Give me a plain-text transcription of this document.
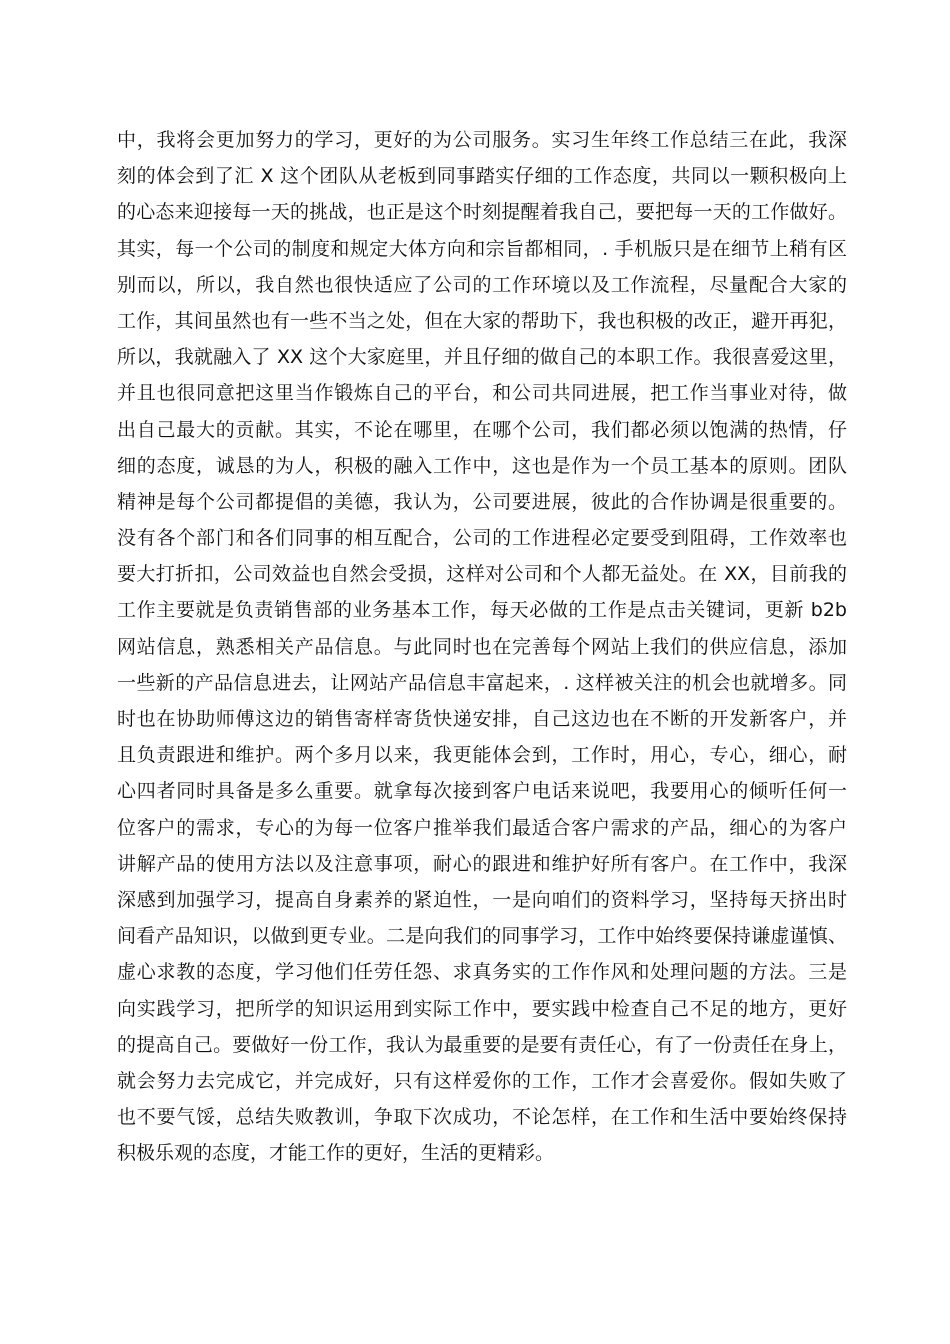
中，我将会更加努力的学习，更好的为公司服务。实习生年终工作总结三在此，我深
刻的体会到了汇 X 这个团队从老板到同事踏实仔细的工作态度，共同以一颗积极向上
的心态来迎接每一天的挑战，也正是这个时刻提醒着我自己，要把每一天的工作做好。
其实，每一个公司的制度和规定大体方向和宗旨都相同，. 手机版只是在细节上稍有区
别而以，所以，我自然也很快适应了公司的工作环境以及工作流程，尽量配合大家的
工作，其间虽然也有一些不当之处，但在大家的帮助下，我也积极的改正，避开再犯，
所以，我就融入了 XX 这个大家庭里，并且仔细的做自己的本职工作。我很喜爱这里，
并且也很同意把这里当作锻炼自己的平台，和公司共同进展，把工作当事业对待，做
出自己最大的贡献。其实，不论在哪里，在哪个公司，我们都必须以饱满的热情，仔
细的态度，诚恳的为人，积极的融入工作中，这也是作为一个员工基本的原则。团队
精神是每个公司都提倡的美德，我认为，公司要进展，彼此的合作协调是很重要的。
没有各个部门和各们同事的相互配合，公司的工作进程必定要受到阻碍，工作效率也
要大打折扣，公司效益也自然会受损，这样对公司和个人都无益处。在 XX，目前我的
工作主要就是负责销售部的业务基本工作，每天必做的工作是点击关键词，更新 b2b
网站信息，熟悉相关产品信息。与此同时也在完善每个网站上我们的供应信息，添加
一些新的产品信息进去，让网站产品信息丰富起来，. 这样被关注的机会也就增多。同
时也在协助师傅这边的销售寄样寄货快递安排，自己这边也在不断的开发新客户，并
且负责跟进和维护。两个多月以来，我更能体会到，工作时，用心，专心，细心，耐
心四者同时具备是多么重要。就拿每次接到客户电话来说吧，我要用心的倾听任何一
位客户的需求，专心的为每一位客户推举我们最适合客户需求的产品，细心的为客户
讲解产品的使用方法以及注意事项，耐心的跟进和维护好所有客户。在工作中，我深
深感到加强学习，提高自身素养的紧迫性，一是向咱们的资料学习，坚持每天挤出时
间看产品知识，以做到更专业。二是向我们的同事学习，工作中始终要保持谦虚谨慎、
虚心求教的态度，学习他们任劳任怨、求真务实的工作作风和处理问题的方法。三是
向实践学习，把所学的知识运用到实际工作中，要实践中检查自己不足的地方，更好
的提高自己。要做好一份工作，我认为最重要的是要有责任心，有了一份责任在身上，
就会努力去完成它，并完成好，只有这样爱你的工作，工作才会喜爱你。假如失败了
也不要气馁，总结失败教训，争取下次成功，不论怎样，在工作和生活中要始终保持
积极乐观的态度，才能工作的更好，生活的更精彩。
